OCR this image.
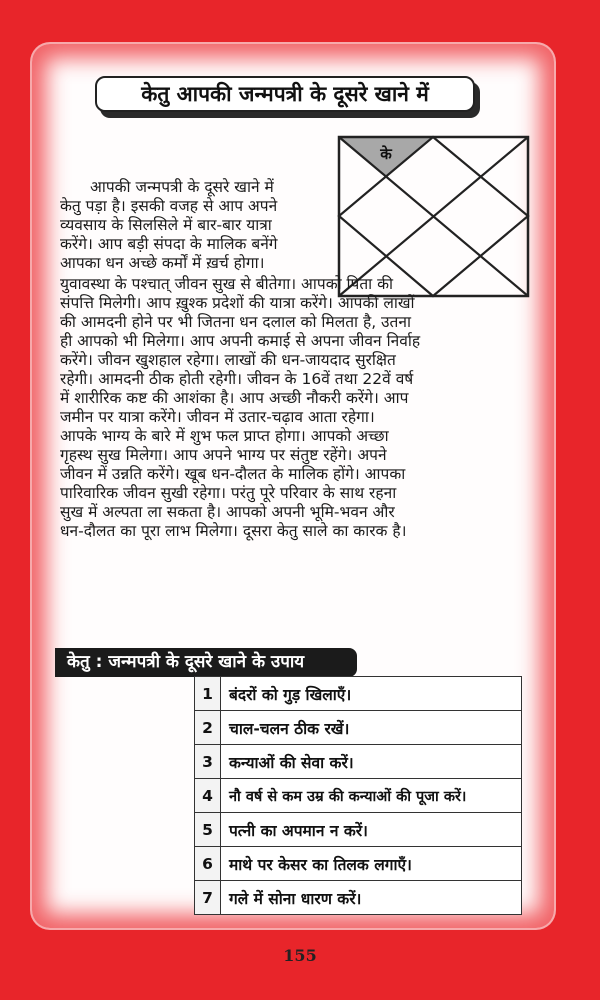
केतु आपकी जन्मपत्री के दूसरे खाने में
के
आपकी जन्मपत्री के दूसरे खाने में
केतु पड़ा है। इसकी वजह से आप अपने
व्यवसाय के सिलसिले में बार-बार यात्रा
करेंगे। आप बड़ी संपदा के मालिक बनेंगे
आपका धन अच्छे कर्मों में ख़र्च होगा।
युवावस्था के पश्चात् जीवन सुख से बीतेगा। आपको पिता की
संपत्ति मिलेगी। आप ख़ुश्क प्रदेशों की यात्रा करेंगे। आपकी लाखों
की आमदनी होने पर भी जितना धन दलाल को मिलता है, उतना
ही आपको भी मिलेगा। आप अपनी कमाई से अपना जीवन निर्वाह
करेंगे। जीवन खुशहाल रहेगा। लाखों की धन-जायदाद सुरक्षित
रहेगी। आमदनी ठीक होती रहेगी। जीवन के 16वें तथा 22वें वर्ष
में शारीरिक कष्ट की आशंका है। आप अच्छी नौकरी करेंगे। आप
जमीन पर यात्रा करेंगे। जीवन में उतार-चढ़ाव आता रहेगा।
आपके भाग्य के बारे में शुभ फल प्राप्त होगा। आपको अच्छा
गृहस्थ सुख मिलेगा। आप अपने भाग्य पर संतुष्ट रहेंगे। अपने
जीवन में उन्नति करेंगे। खूब धन-दौलत के मालिक होंगे। आपका
पारिवारिक जीवन सुखी रहेगा। परंतु पूरे परिवार के साथ रहना
सुख में अल्पता ला सकता है। आपको अपनी भूमि-भवन और
धन-दौलत का पूरा लाभ मिलेगा। दूसरा केतु साले का कारक है।
केतु : जन्मपत्री के दूसरे खाने के उपाय
1	बंदरों को गुड़ खिलाएँ।
2	चाल-चलन ठीक रखें।
3	कन्याओं की सेवा करें।
4	नौ वर्ष से कम उम्र की कन्याओं की पूजा करें।
5	पत्नी का अपमान न करें।
6	माथे पर केसर का तिलक लगाएँ।
7	गले में सोना धारण करें।
155
